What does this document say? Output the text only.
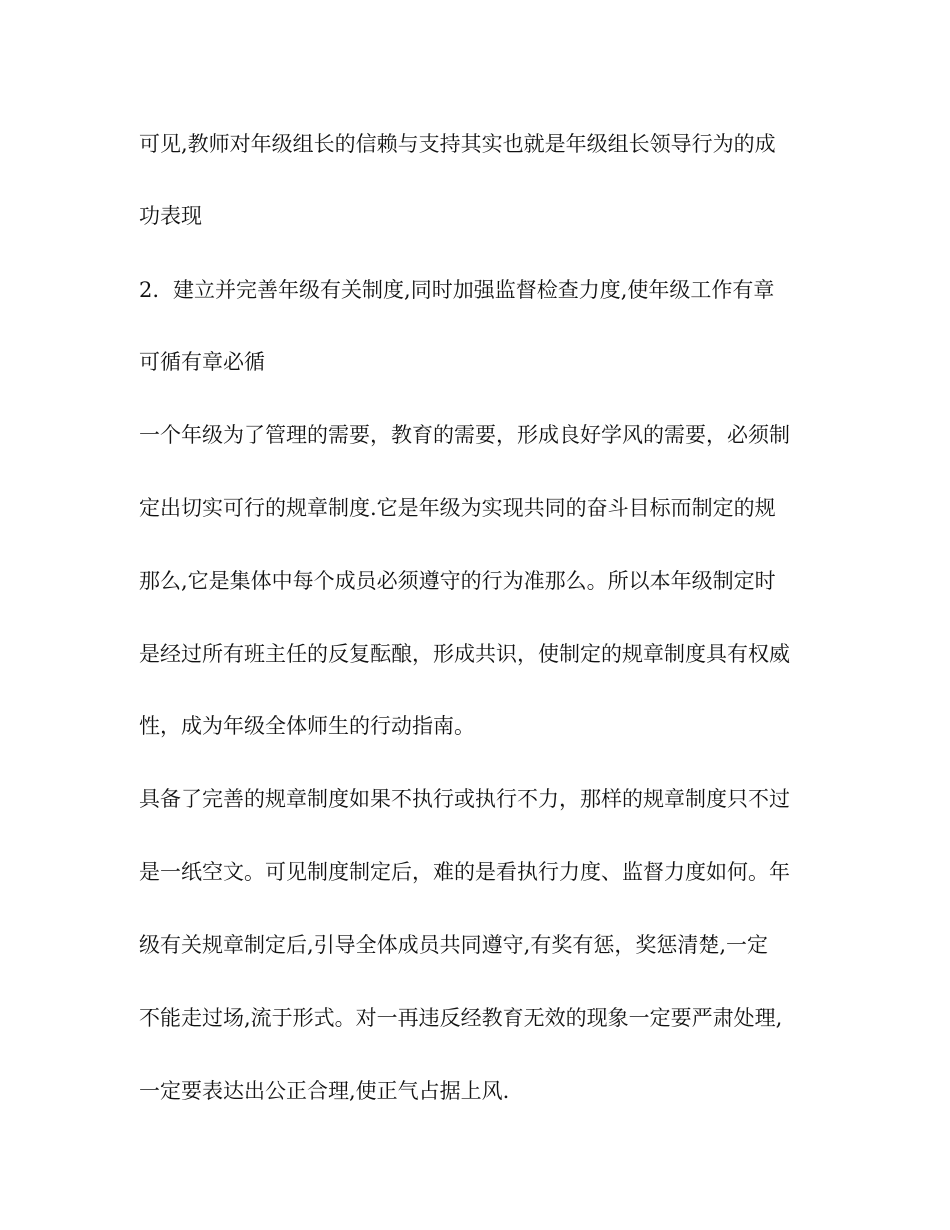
可见,教师对年级组长的信赖与支持其实也就是年级组长领导行为的成
功表现
2. 建立并完善年级有关制度,同时加强监督检查力度,使年级工作有章
可循有章必循
一个年级为了管理的需要，教育的需要，形成良好学风的需要，必须制
定出切实可行的规章制度.它是年级为实现共同的奋斗目标而制定的规
那么,它是集体中每个成员必须遵守的行为准那么。所以本年级制定时
是经过所有班主任的反复酝酿，形成共识，使制定的规章制度具有权威
性，成为年级全体师生的行动指南。
具备了完善的规章制度如果不执行或执行不力，那样的规章制度只不过
是一纸空文。可见制度制定后，难的是看执行力度、监督力度如何。年
级有关规章制定后,引导全体成员共同遵守,有奖有惩，奖惩清楚,一定
不能走过场,流于形式。对一再违反经教育无效的现象一定要严肃处理,
一定要表达出公正合理,使正气占据上风.
